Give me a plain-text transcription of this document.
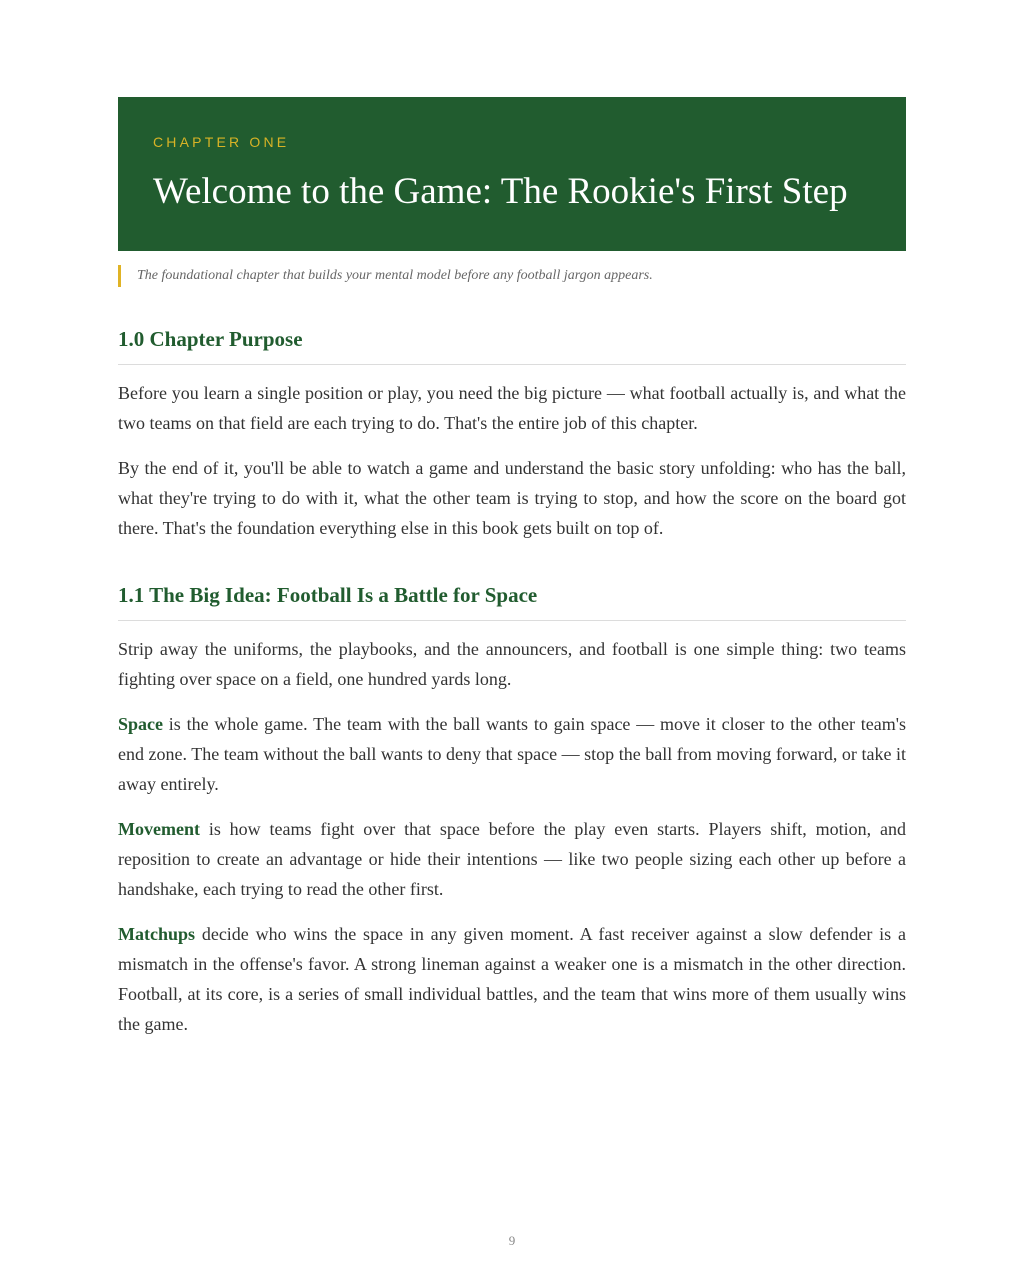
CHAPTER ONE
Welcome to the Game: The Rookie's First Step
The foundational chapter that builds your mental model before any football jargon appears.
1.0 Chapter Purpose

Before you learn a single position or play, you need the big picture — what football actually is, and what the two teams on that field are each trying to do. That's the entire job of this chapter.

By the end of it, you'll be able to watch a game and understand the basic story unfolding: who has the ball, what they're trying to do with it, what the other team is trying to stop, and how the score on the board got there. That's the foundation everything else in this book gets built on top of.

1.1 The Big Idea: Football Is a Battle for Space

Strip away the uniforms, the playbooks, and the announcers, and football is one simple thing: two teams fighting over space on a field, one hundred yards long.

Space is the whole game. The team with the ball wants to gain space — move it closer to the other team's end zone. The team without the ball wants to deny that space — stop the ball from moving forward, or take it away entirely.

Movement is how teams fight over that space before the play even starts. Players shift, motion, and reposition to create an advantage or hide their intentions — like two people sizing each other up before a handshake, each trying to read the other first.

Matchups decide who wins the space in any given moment. A fast receiver against a slow defender is a mismatch in the offense's favor. A strong lineman against a weaker one is a mismatch in the other direction. Football, at its core, is a series of small individual battles, and the team that wins more of them usually wins the game.

9
